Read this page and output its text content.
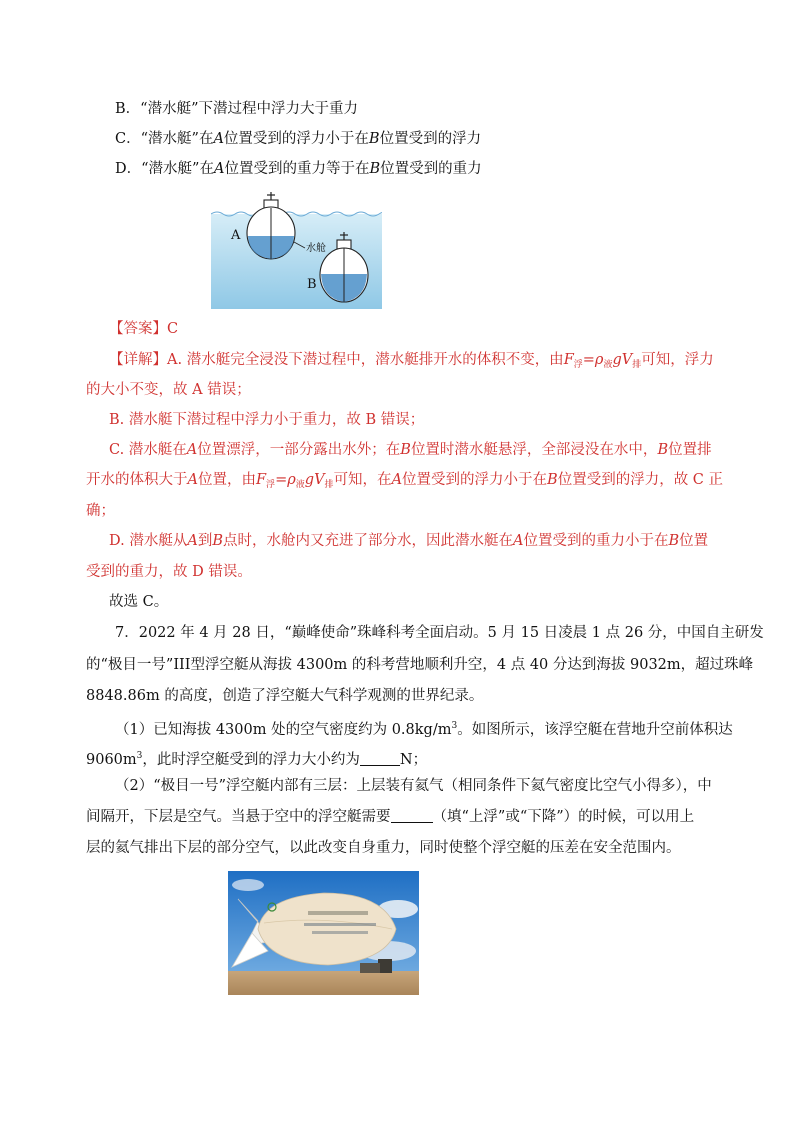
B．“潜水艇”下潜过程中浮力大于重力
C．“潜水艇”在A位置受到的浮力小于在B位置受到的浮力
D．“潜水艇”在A位置受到的重力等于在B位置受到的重力
A
水舱
B
【答案】C
【详解】A. 潜水艇完全浸没下潜过程中，潜水艇排开水的体积不变，由$F_浮=\rho_液gV_排$可知，浮力
的大小不变，故 A 错误；
B. 潜水艇下潜过程中浮力小于重力，故 B 错误；
C. 潜水艇在A位置漂浮，一部分露出水外；在B位置时潜水艇悬浮，全部浸没在水中，B位置排
开水的体积大于A位置，由$F_浮=\rho_液gV_排$可知，在A位置受到的浮力小于在B位置受到的浮力，故 C 正
确；
D. 潜水艇从A到B点时，水舱内又充进了部分水，因此潜水艇在A位置受到的重力小于在B位置
受到的重力，故 D 错误。
故选 C。
7．2022 年 4 月 28 日，“巅峰使命”珠峰科考全面启动。5 月 15 日凌晨 1 点 26 分，中国自主研发
的“极目一号”III型浮空艇从海拔 4300m 的科考营地顺利升空，4 点 40 分达到海拔 9032m，超过珠峰
8848.86m 的高度，创造了浮空艇大气科学观测的世界纪录。
（1）已知海拔 4300m 处的空气密度约为 $0.8kg/m^3$。如图所示，该浮空艇在营地升空前体积达
$9060m^3$，此时浮空艇受到的浮力大小约为	N；
（2）“极目一号”浮空艇内部有三层：上层装有氦气（相同条件下氦气密度比空气小得多），中
间隔开，下层是空气。当悬于空中的浮空艇需要	（填“上浮”或“下降”）的时候，可以用上
层的氦气排出下层的部分空气，以此改变自身重力，同时使整个浮空艇的压差在安全范围内。
